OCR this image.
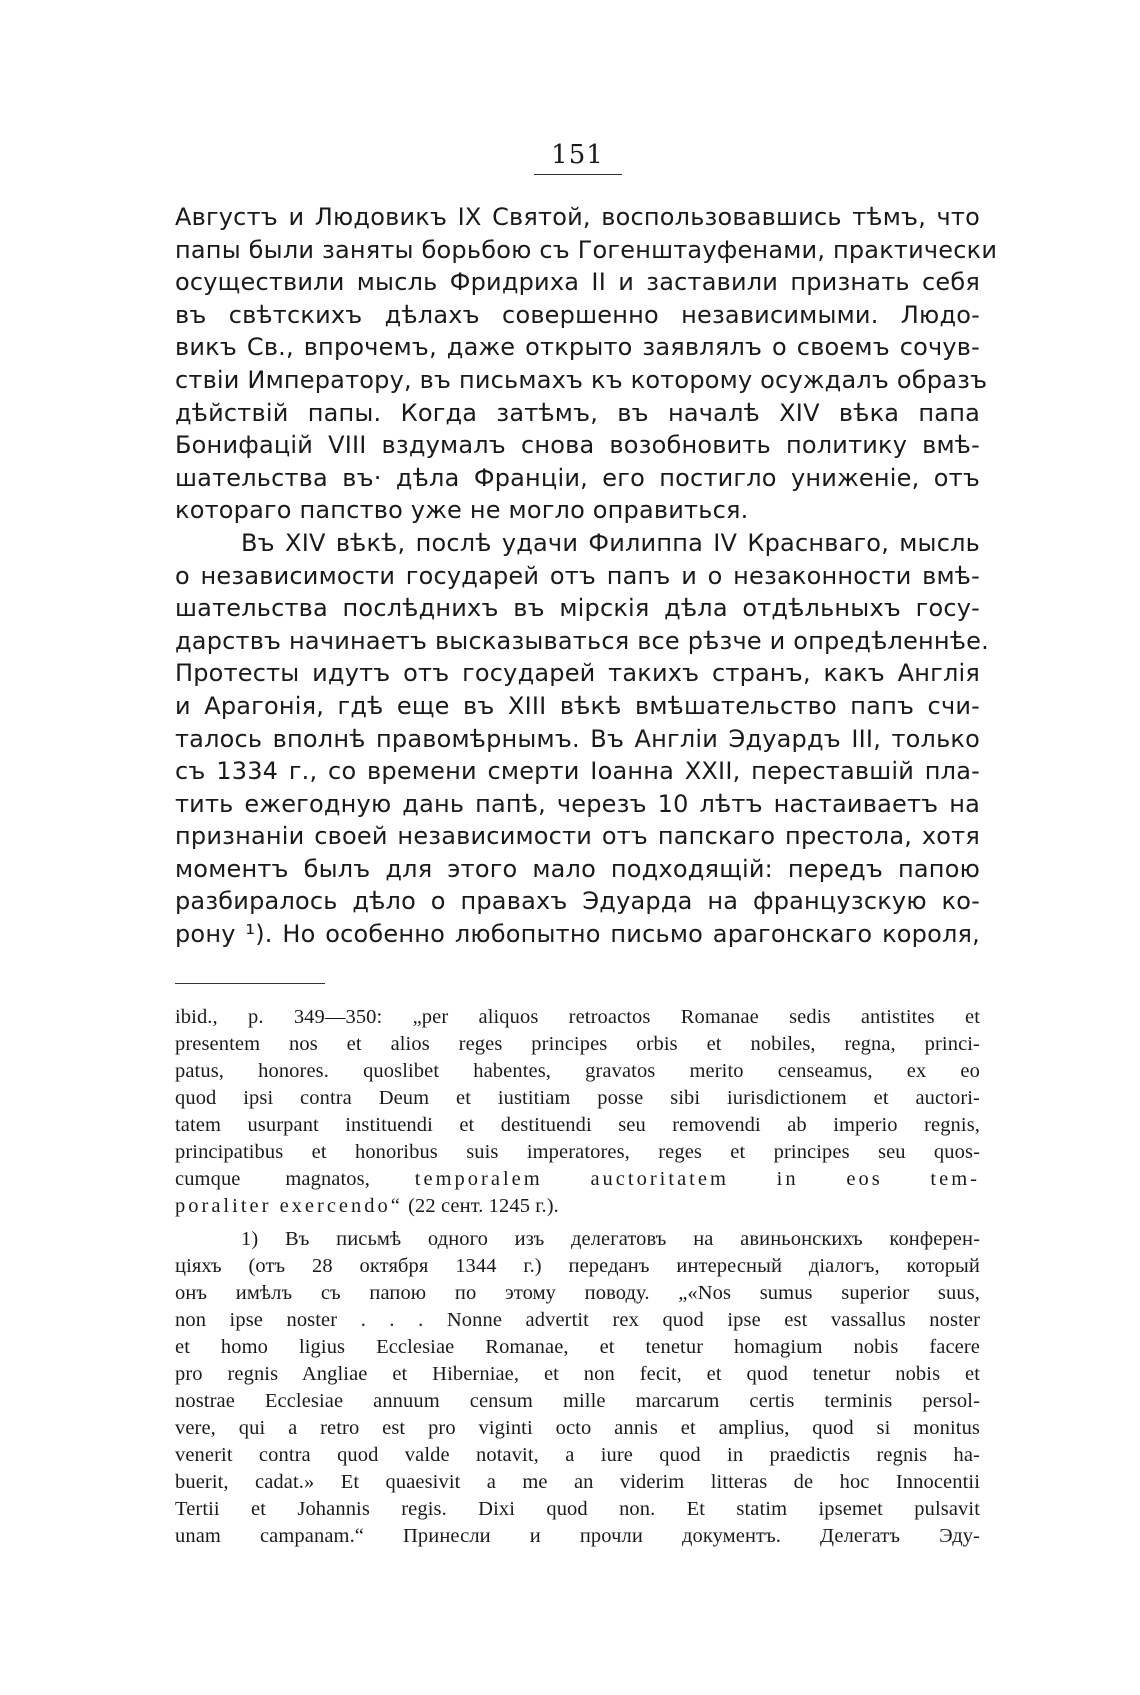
151

Августъ и Людовикъ IX Святой, воспользовавшись тѣмъ, что
папы были заняты борьбою съ Гогенштауфенами, практически
осуществили мысль Фридриха II и заставили признать себя
въ свѣтскихъ дѣлахъ совершенно независимыми. Людо-
викъ Св., впрочемъ, даже открыто заявлялъ о своемъ сочув-
ствіи Императору, въ письмахъ къ которому осуждалъ образъ
дѣйствій папы. Когда затѣмъ, въ началѣ XIV вѣка папа
Бонифацій VIII вздумалъ снова возобновить политику вмѣ-
шательства въ· дѣла Франціи, его постигло униженіе, отъ
котораго папство уже не могло оправиться.

Въ XIV вѣкѣ, послѣ удачи Филиппа IV Краснваго, мысль
о независимости государей отъ папъ и о незаконности вмѣ-
шательства послѣднихъ въ мірскія дѣла отдѣльныхъ госу-
дарствъ начинаетъ высказываться все рѣзче и опредѣленнѣе.
Протесты идутъ отъ государей такихъ странъ, какъ Англія
и Арагонія, гдѣ еще въ XIII вѣкѣ вмѣшательство папъ счи-
талось вполнѣ правомѣрнымъ. Въ Англіи Эдуардъ III, только
съ 1334 г., со времени смерти Іоанна XXII, переставшій пла-
тить ежегодную дань папѣ, черезъ 10 лѣтъ настаиваетъ на
признаніи своей независимости отъ папскаго престола, хотя
моментъ былъ для этого мало подходящій: передъ папою
разбиралось дѣло о правахъ Эдуарда на французскую ко-
рону ¹). Но особенно любопытно письмо арагонскаго короля,

ibid., p. 349—350: „per aliquos retroactos Romanae sedis antistites et
presentem nos et alios reges principes orbis et nobiles, regna, princi-
patus, honores. quoslibet habentes, gravatos merito censeamus, ex eo
quod ipsi contra Deum et iustitiam posse sibi iurisdictionem et auctori-
tatem usurpant instituendi et destituendi seu removendi ab imperio regnis,
principatibus et honoribus suis imperatores, reges et principes seu quos-
cumque magnatos, temporalem auctoritatem in eos tem-
poraliter exercendo“ (22 сент. 1245 г.).
1) Въ письмѣ одного изъ делегатовъ на авиньонскихъ конферен-
ціяхъ (отъ 28 октября 1344 г.) переданъ интересный діалогъ, который
онъ имѣлъ съ папою по этому поводу. „«Nos sumus superior suus,
non ipse noster . . . Nonne advertit rex quod ipse est vassallus noster
et homo ligius Ecclesiae Romanae, et tenetur homagium nobis facere
pro regnis Angliae et Hiberniae, et non fecit, et quod tenetur nobis et
nostrae Ecclesiae annuum censum mille marcarum certis terminis persol-
vere, qui a retro est pro viginti octo annis et amplius, quod si monitus
venerit contra quod valde notavit, a iure quod in praedictis regnis ha-
buerit, cadat.» Et quaesivit a me an viderim litteras de hoc Innocentii
Tertii et Johannis regis. Dixi quod non. Et statim ipsemet pulsavit
unam campanam.“ Принесли и прочли документъ. Делегатъ Эду-
